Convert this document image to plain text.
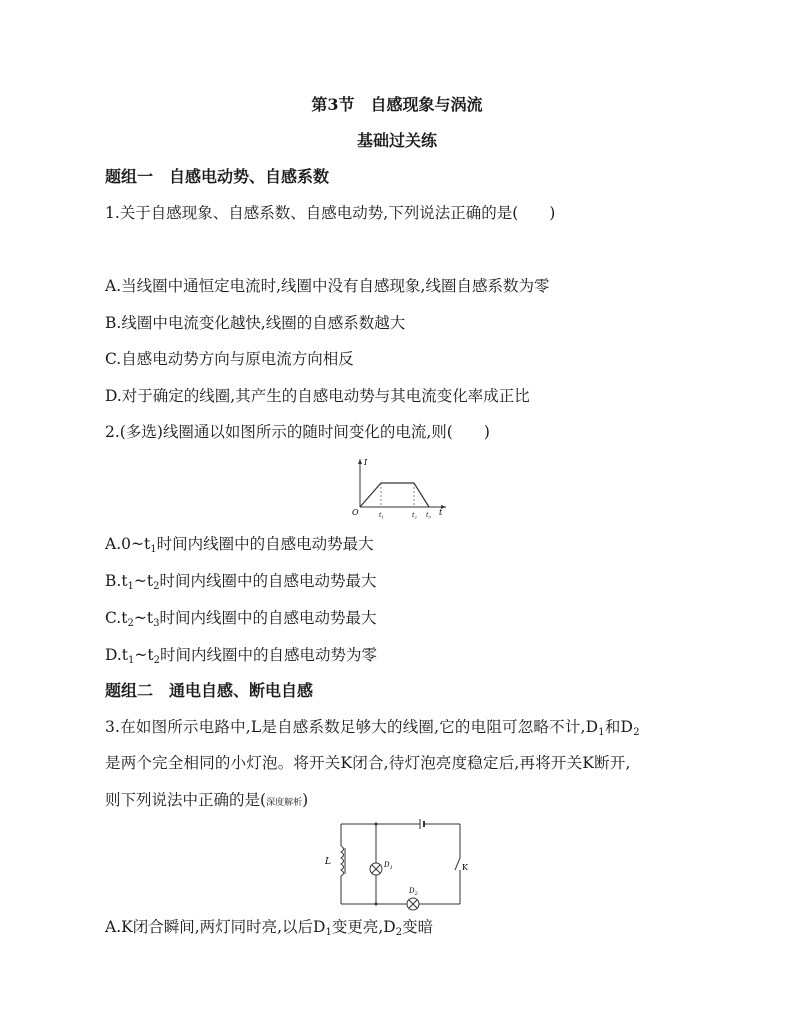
第3节　自感现象与涡流
基础过关练
题组一　自感电动势、自感系数
1.关于自感现象、自感系数、自感电动势,下列说法正确的是(　　)
A.当线圈中通恒定电流时,线圈中没有自感现象,线圈自感系数为零
B.线圈中电流变化越快,线圈的自感系数越大
C.自感电动势方向与原电流方向相反
D.对于确定的线圈,其产生的自感电动势与其电流变化率成正比
2.(多选)线圈通以如图所示的随时间变化的电流,则(　　)
I
t
O	$t_1$	$t_2$ $t_3$
$A.0\sim t_1$时间内线圈中的自感电动势最大
$B.t_1\sim t_2$时间内线圈中的自感电动势最大
$C.t_2\sim t_3$时间内线圈中的自感电动势最大
$D.t_1\sim t_2$时间内线圈中的自感电动势为零
题组二　通电自感、断电自感
3.在如图所示电路中,L是自感系数足够大的线圈,它的电阻可忽略不计$,D_1$和$D_2$
是两个完全相同的小灯泡。将开关K闭合,待灯泡亮度稳定后,再将开关K断开,
则下列说法中正确的是(深度解析)
L	$D_1$
$D_2$
K
A.K闭合瞬间,两灯同时亮,以后$D_1$变更亮$,D_2$变暗
